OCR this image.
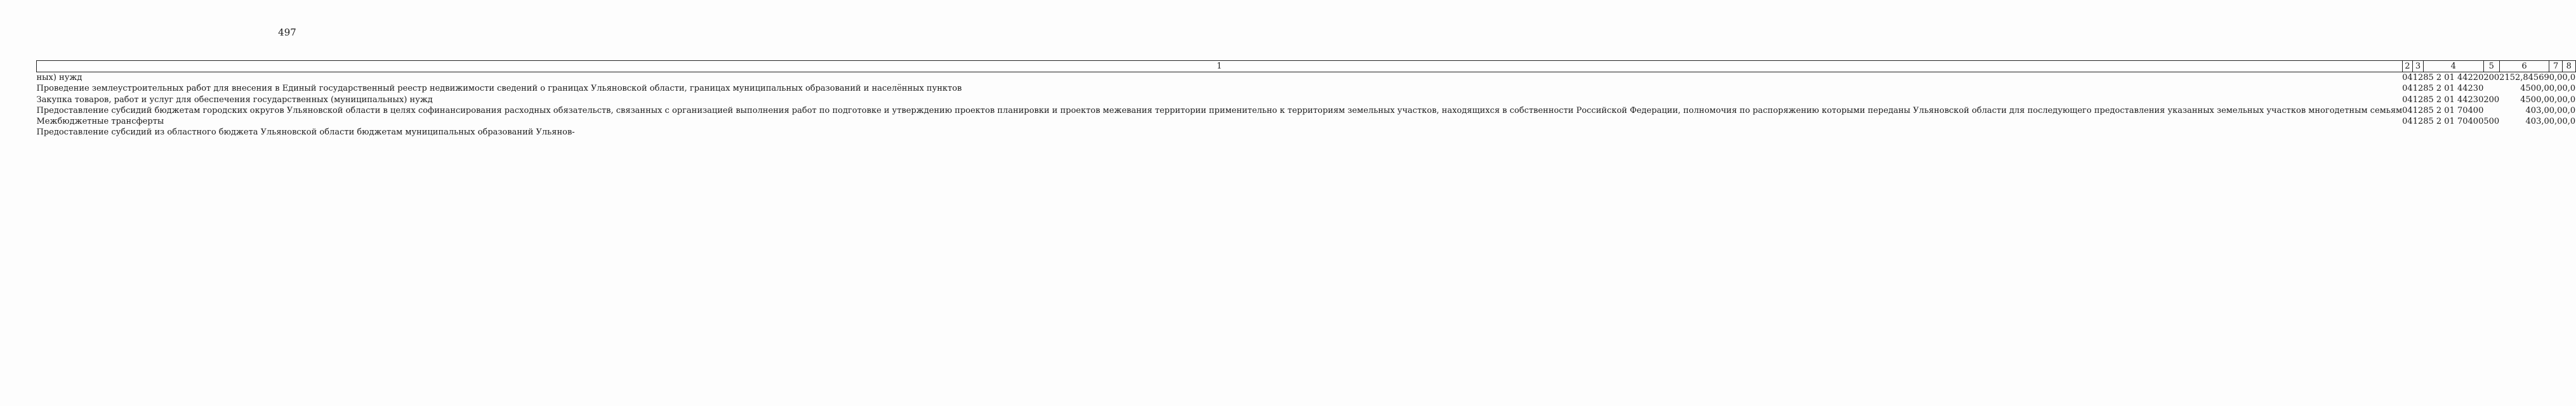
497
1	2	3	4	5	6	7	8
ных) нужд	04	12	85 2 01 44220	200	2152,84569	0,0	0,0
Проведение землеустроительных работ для внесения в Единый государственный реестр недвижимости сведений о границах Ульяновской области, границах муниципальных образований и населённых пунктов	04	12	85 2 01 44230		4500,0	0,0	0,0
Закупка товаров, работ и услуг для обеспечения государственных (муниципальных) нужд	04	12	85 2 01 44230	200	4500,0	0,0	0,0
Предоставление субсидий бюджетам городских округов Ульяновской области в целях софинансирования расходных обязательств, связанных с организацией выполнения работ по подготовке и утверждению проектов планировки и проектов межевания территории применительно к территориям земельных участков, находящихся в собственности Российской Федерации, полномочия по распоряжению которыми переданы Ульяновской области для последующего предоставления указанных земельных участков многодетным семьям	04	12	85 2 01 70400		403,0	0,0	0,0
Межбюджетные трансферты	04	12	85 2 01 70400	500	403,0	0,0	0,0
Предоставление субсидий из областного бюджета Ульяновской области бюджетам муниципальных образований Ульянов-							
